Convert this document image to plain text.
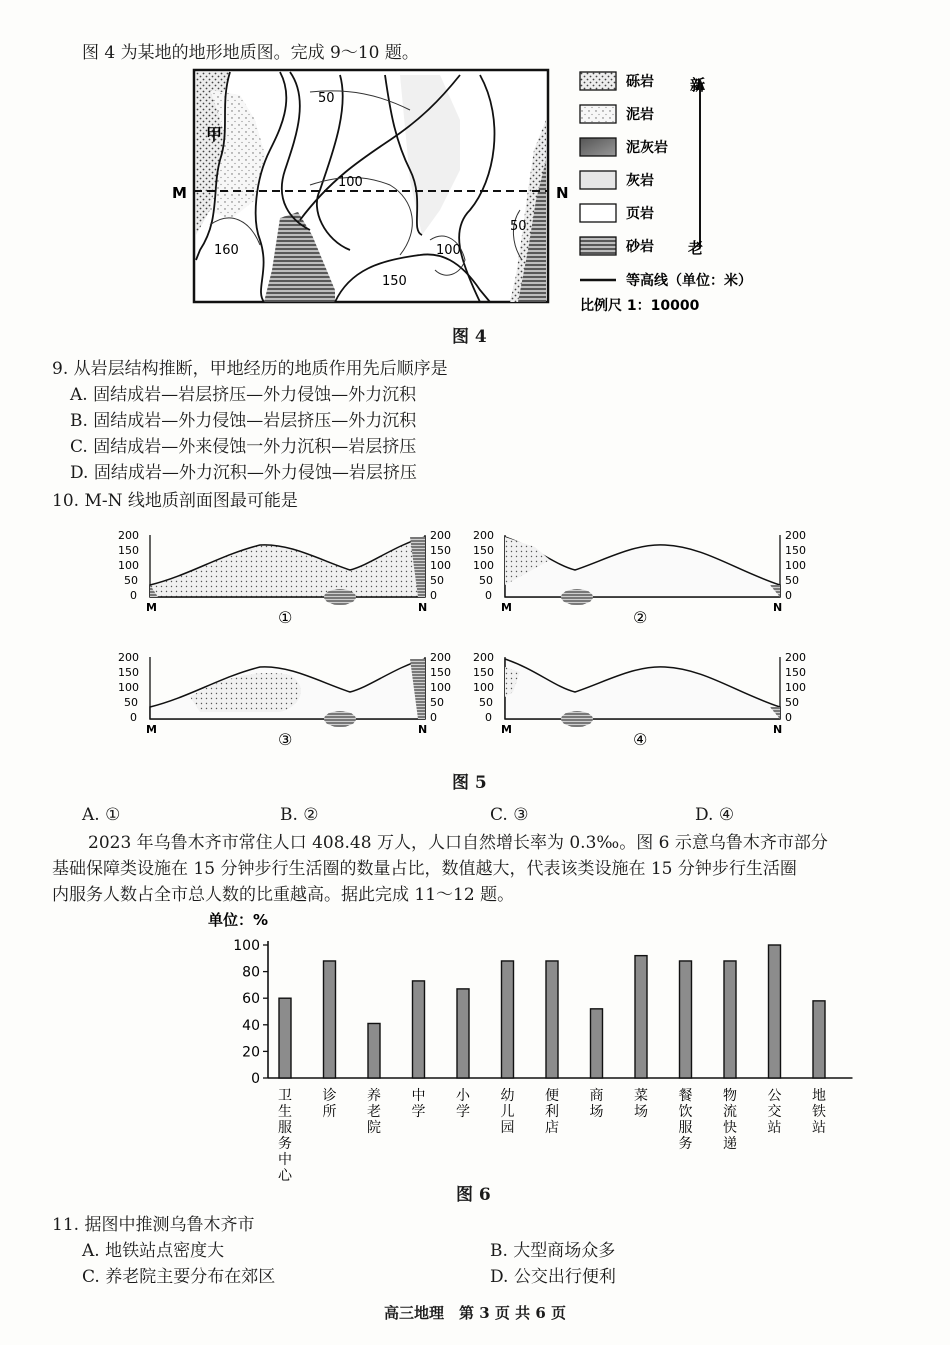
图 4 为某地的地形地质图。完成 9～10 题。
M	N
甲
50
100
160
150
100
50
砾岩
泥岩
泥灰岩
灰岩
页岩
砂岩
等高线（单位：米）
比例尺 1：10000
新
老
图 4
9. 从岩层结构推断，甲地经历的地质作用先后顺序是
A. 固结成岩—岩层挤压—外力侵蚀—外力沉积
B. 固结成岩—外力侵蚀—岩层挤压—外力沉积
C. 固结成岩—外来侵蚀一外力沉积—岩层挤压
D. 固结成岩—外力沉积—外力侵蚀—岩层挤压
10. M-N 线地质剖面图最可能是
200
150
100
50
0
200
150
100
50
0
M	N
①
200
150
100
50
0
200
150
100
50
0
M	N
②
200
150
100
50
0
200
150
100
50
0
M	N
③
200
150
100
50
0
200
150
100
50
0
M	N
④
图 5
A. ①	B. ②	C. ③	D. ④
2023 年乌鲁木齐市常住人口 408.48 万人，人口自然增长率为 0.3‰。图 6 示意乌鲁木齐市部分
基础保障类设施在 15 分钟步行生活圈的数量占比，数值越大，代表该类设施在 15 分钟步行生活圈
内服务人数占全市总人数的比重越高。据此完成 11～12 题。
单位：%
0
20
40
60
80
100
卫生服务中心
诊所
养老院
中学
小学
幼儿园
便利店
商场
菜场
餐饮服务
物流快递
公交站
地铁站
图 6
11. 据图中推测乌鲁木齐市
A. 地铁站点密度大	B. 大型商场众多
C. 养老院主要分布在郊区	D. 公交出行便利
高三地理　第 3 页 共 6 页
